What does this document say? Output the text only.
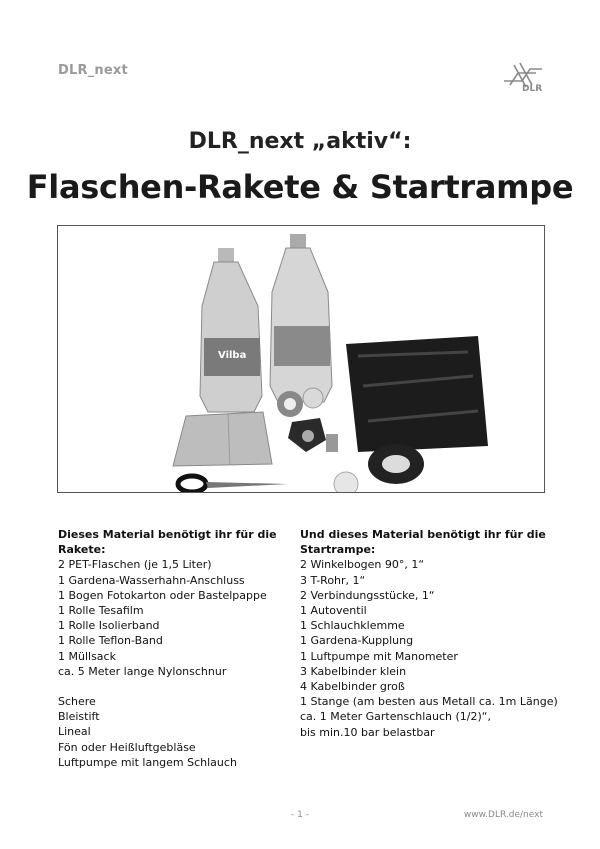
DLR_next
DLR
DLR_next „aktiv“:
Flaschen-Rakete & Startrampe
Vilba
Dieses Material benötigt ihr für die Rakete:
2 PET-Flaschen (je 1,5 Liter)
1 Gardena-Wasserhahn-Anschluss
1 Bogen Fotokarton oder Bastelpappe
1 Rolle Tesafilm
1 Rolle Isolierband
1 Rolle Teflon-Band
1 Müllsack
ca. 5 Meter lange Nylonschnur
Schere
Bleistift
Lineal
Fön oder Heißluftgebläse
Luftpumpe mit langem Schlauch
Und dieses Material benötigt ihr für die
Startrampe:
2 Winkelbogen 90°, 1“
3 T-Rohr, 1“
2 Verbindungsstücke, 1“
1 Autoventil
1 Schlauchklemme
1 Gardena-Kupplung
1 Luftpumpe mit Manometer
3 Kabelbinder klein
4 Kabelbinder groß
1 Stange (am besten aus Metall ca. 1m Länge)
ca. 1 Meter Gartenschlauch (1/2)“,
bis min.10 bar belastbar
- 1 -	www.DLR.de/next
